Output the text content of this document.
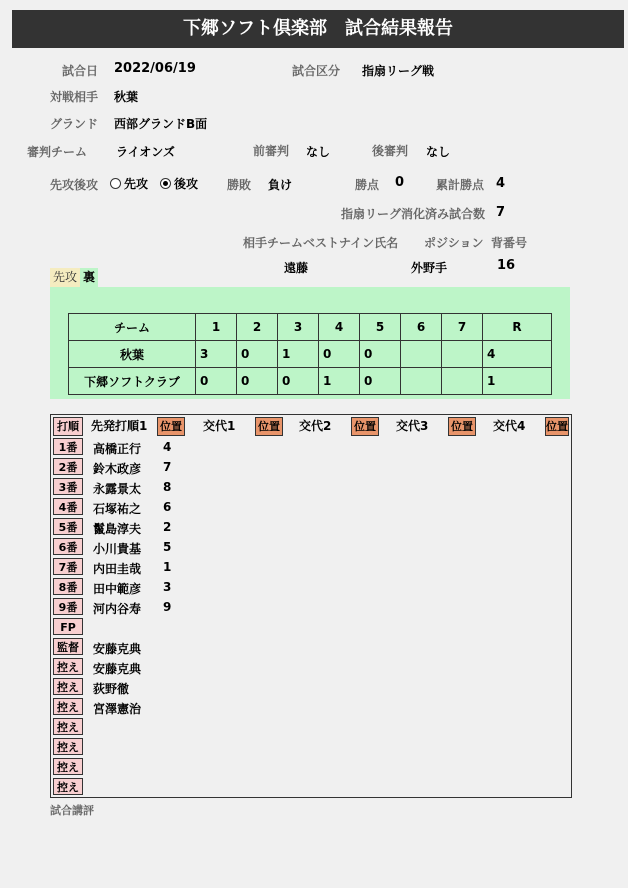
下郷ソフト倶楽部　試合結果報告
試合日 2022/06/19	試合区分 指扇リーグ戦
対戦相手 秋葉
グランド 西部グランドB面
審判チーム ライオンズ	前審判 なし	後審判 なし
先攻後攻	先攻	後攻 勝敗 負け	勝点 0	累計勝点 4
指扇リーグ消化済み試合数 7
相手チームベストナイン氏名 ポジション 背番号
遠藤	外野手	16
先攻 裏
チーム	1	2	3	4	5	6	7	R
秋葉	3	0	1	0	0			4
下郷ソフトクラブ	0	0	0	1	0			1
打順	先発打順1 位置 交代1 位置 交代2 位置 交代3 位置 交代4 位置
1番	高橋正行 4
2番	鈴木政彦 7
3番	永露景太 8
4番	石塚祐之 6
5番	鬣島淳夫 2
6番	小川貴基 5
7番	内田圭哉 1
8番	田中範彦 3
9番	河内谷寿 9
FP
監督	安藤克典
控え	安藤克典
控え	荻野徹
控え	宮澤憲治
控え
控え
控え
控え
試合講評
